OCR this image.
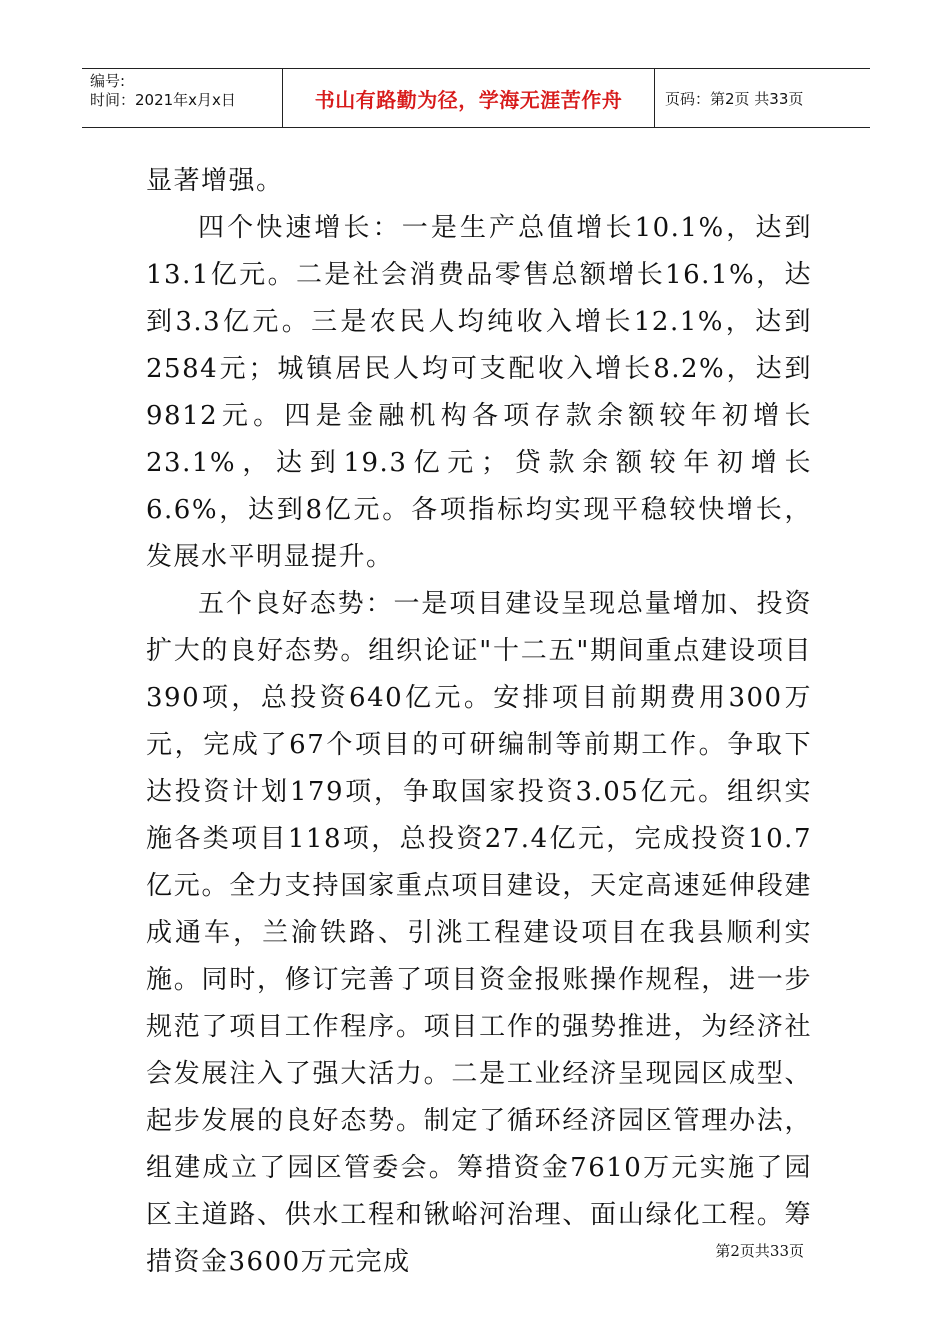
编号:
时间：2021年x月x日	书山有路勤为径，学海无涯苦作舟	页码：第2页 共33页

显著增强。

四个快速增长：一是生产总值增长10.1%，达到13.1亿元。二是社会消费品零售总额增长16.1%，达到3.3亿元。三是农民人均纯收入增长12.1%，达到2584元；城镇居民人均可支配收入增长8.2%，达到9812元。四是金融机构各项存款余额较年初增长23.1%，达到19.3亿元；贷款余额较年初增长6.6%，达到8亿元。各项指标均实现平稳较快增长，发展水平明显提升。

五个良好态势：一是项目建设呈现总量增加、投资扩大的良好态势。组织论证"十二五"期间重点建设项目390项，总投资640亿元。安排项目前期费用300万元，完成了67个项目的可研编制等前期工作。争取下达投资计划179项，争取国家投资3.05亿元。组织实施各类项目118项，总投资27.4亿元，完成投资10.7亿元。全力支持国家重点项目建设，天定高速延伸段建成通车，兰渝铁路、引洮工程建设项目在我县顺利实施。同时，修订完善了项目资金报账操作规程，进一步规范了项目工作程序。项目工作的强势推进，为经济社会发展注入了强大活力。二是工业经济呈现园区成型、起步发展的良好态势。制定了循环经济园区管理办法，组建成立了园区管委会。筹措资金7610万元实施了园区主道路、供水工程和锹峪河治理、面山绿化工程。筹措资金3600万元完成	第2页共33页
